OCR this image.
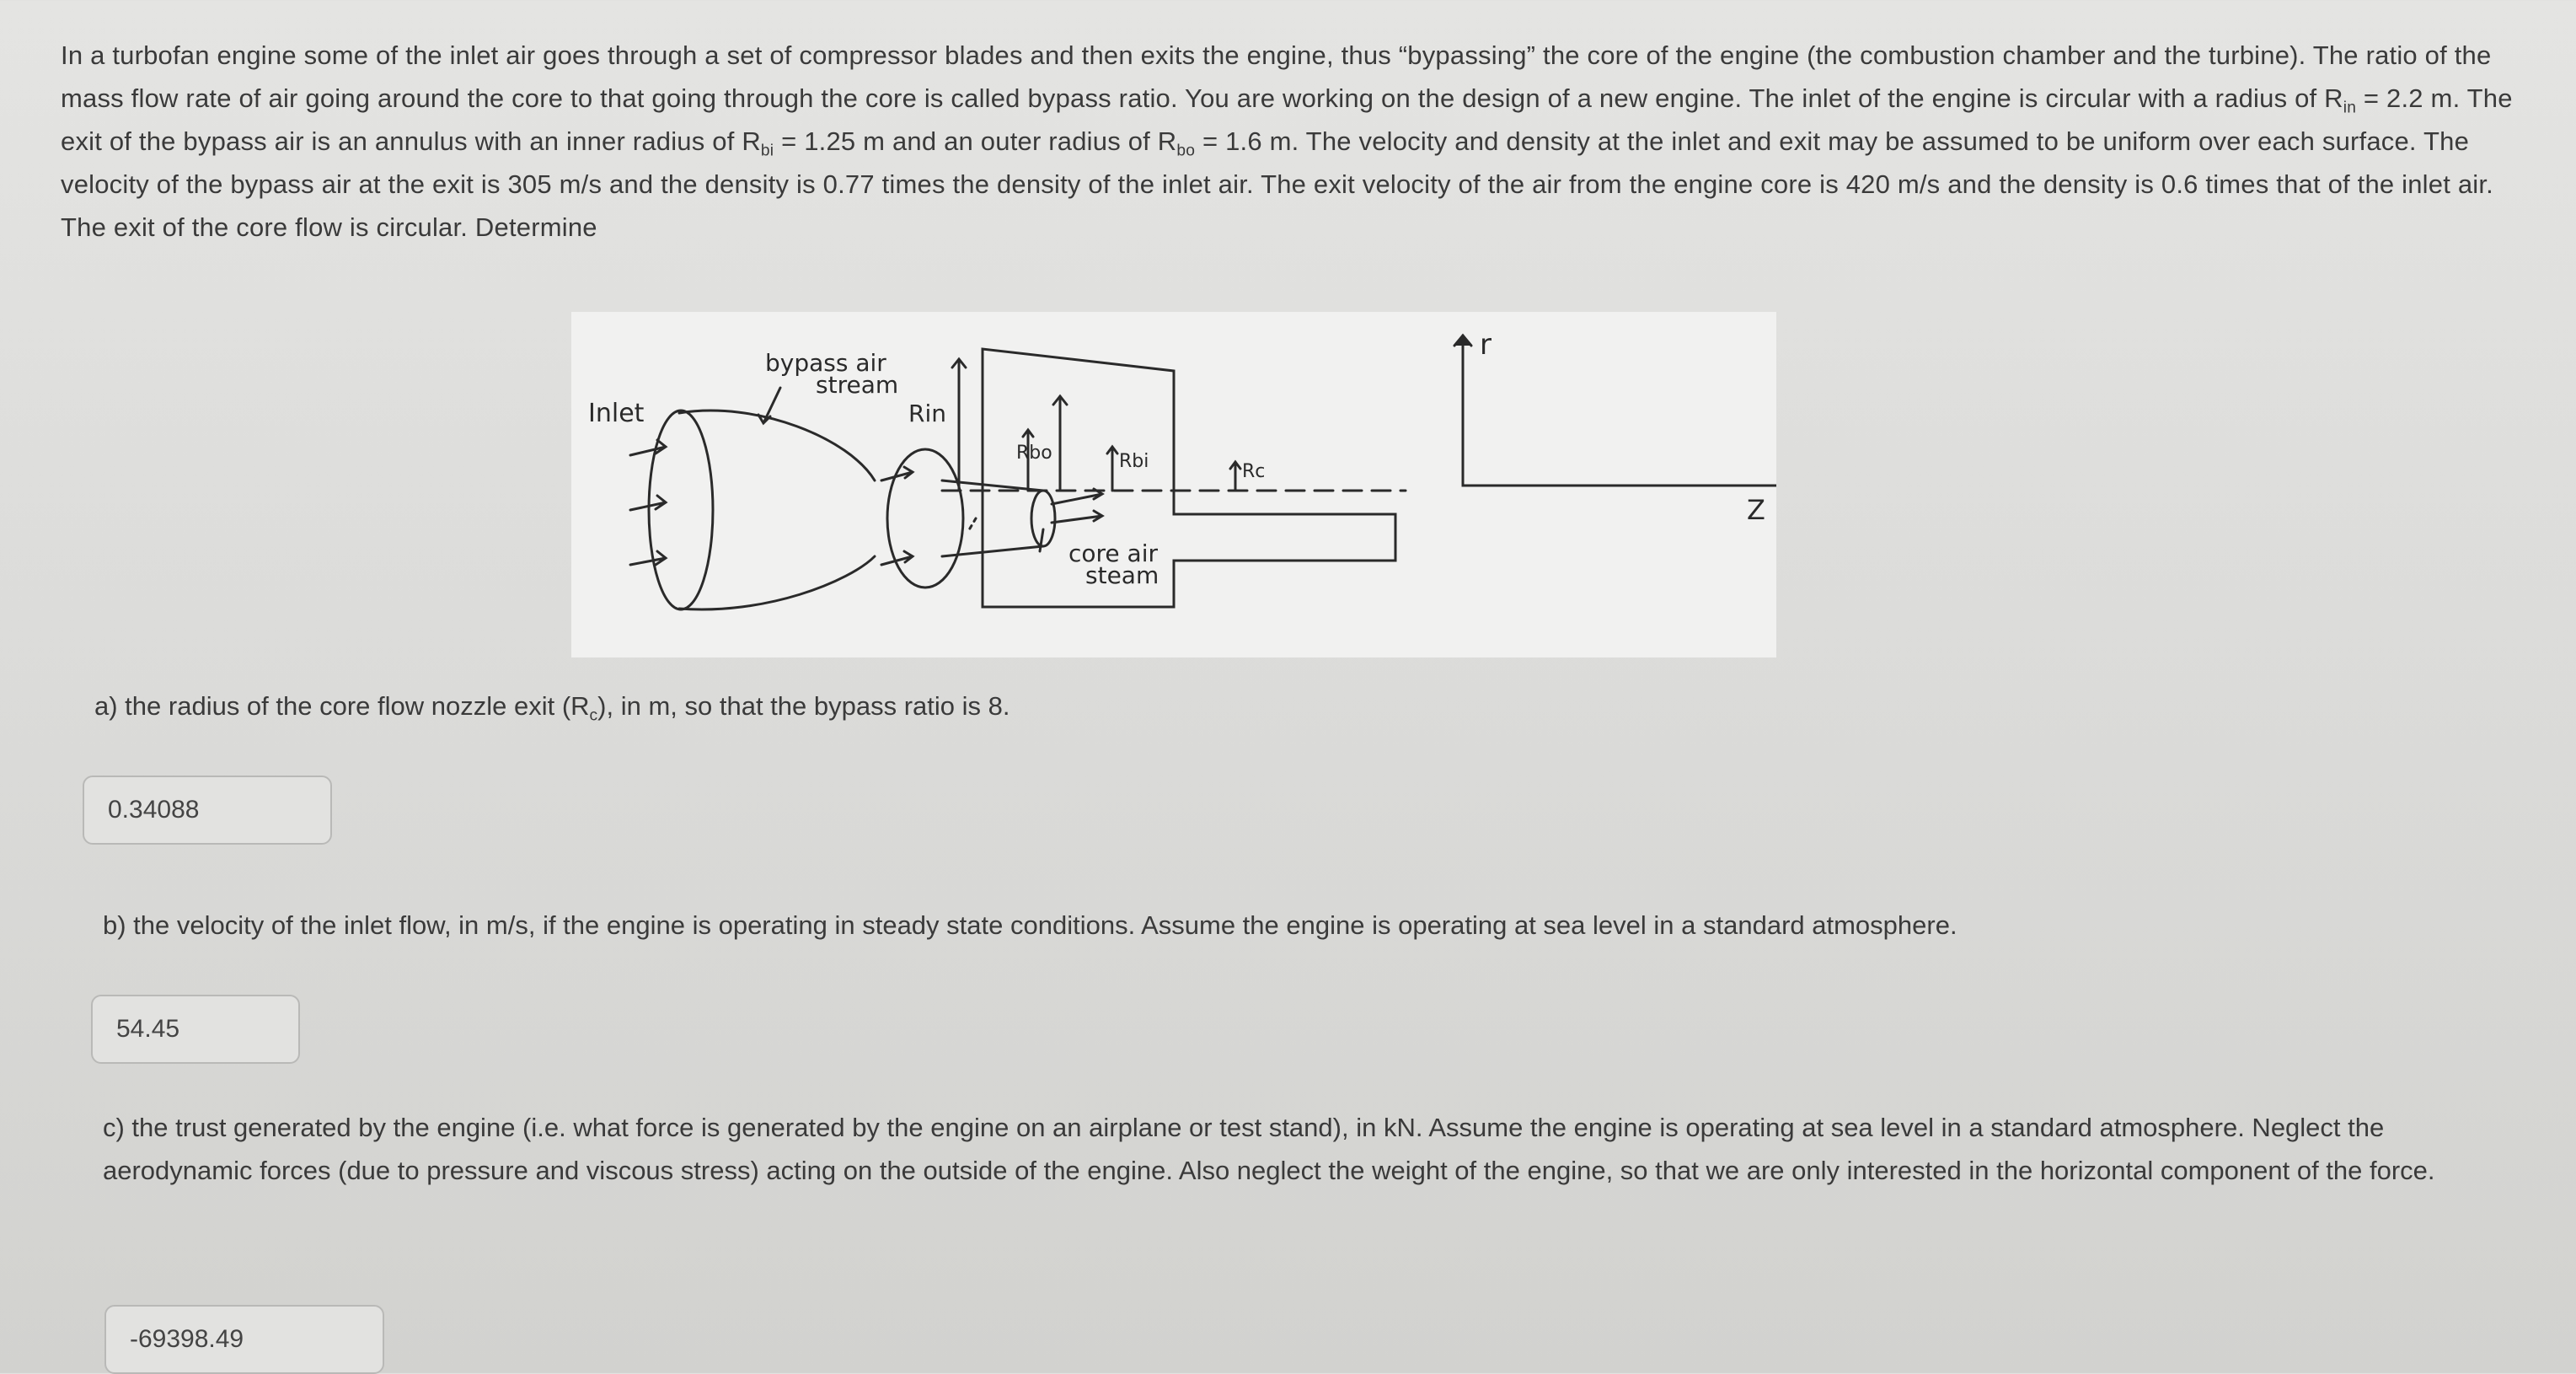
In a turbofan engine some of the inlet air goes through a set of compressor blades and then exits the engine, thus “bypassing” the core of the engine (the combustion chamber and the turbine). The ratio of the mass flow rate of air going around the core to that going through the core is called bypass ratio. You are working on the design of a new engine. The inlet of the engine is circular with a radius of $R_{in} = 2.2$ m. The exit of the bypass air is an annulus with an inner radius of $R_{bi} = 1.25$ m and an outer radius of $R_{bo} = 1.6$ m. The velocity and density at the inlet and exit may be assumed to be uniform over each surface. The velocity of the bypass air at the exit is 305 m/s and the density is 0.77 times the density of the inlet air. The exit velocity of the air from the engine core is 420 m/s and the density is 0.6 times that of the inlet air. The exit of the core flow is circular. Determine

Inlet
bypass air
stream
core air
steam
Rin
Rbo	Rbi	Rc
r
Z

a) the radius of the core flow nozzle exit $(R_c)$, in m, so that the bypass ratio is 8.

0.34088

b) the velocity of the inlet flow, in m/s, if the engine is operating in steady state conditions. Assume the engine is operating at sea level in a standard atmosphere.

54.45

c) the trust generated by the engine (i.e. what force is generated by the engine on an airplane or test stand), in kN. Assume the engine is operating at sea level in a standard atmosphere. Neglect the aerodynamic forces (due to pressure and viscous stress) acting on the outside of the engine. Also neglect the weight of the engine, so that we are only interested in the horizontal component of the force.

-69398.49
